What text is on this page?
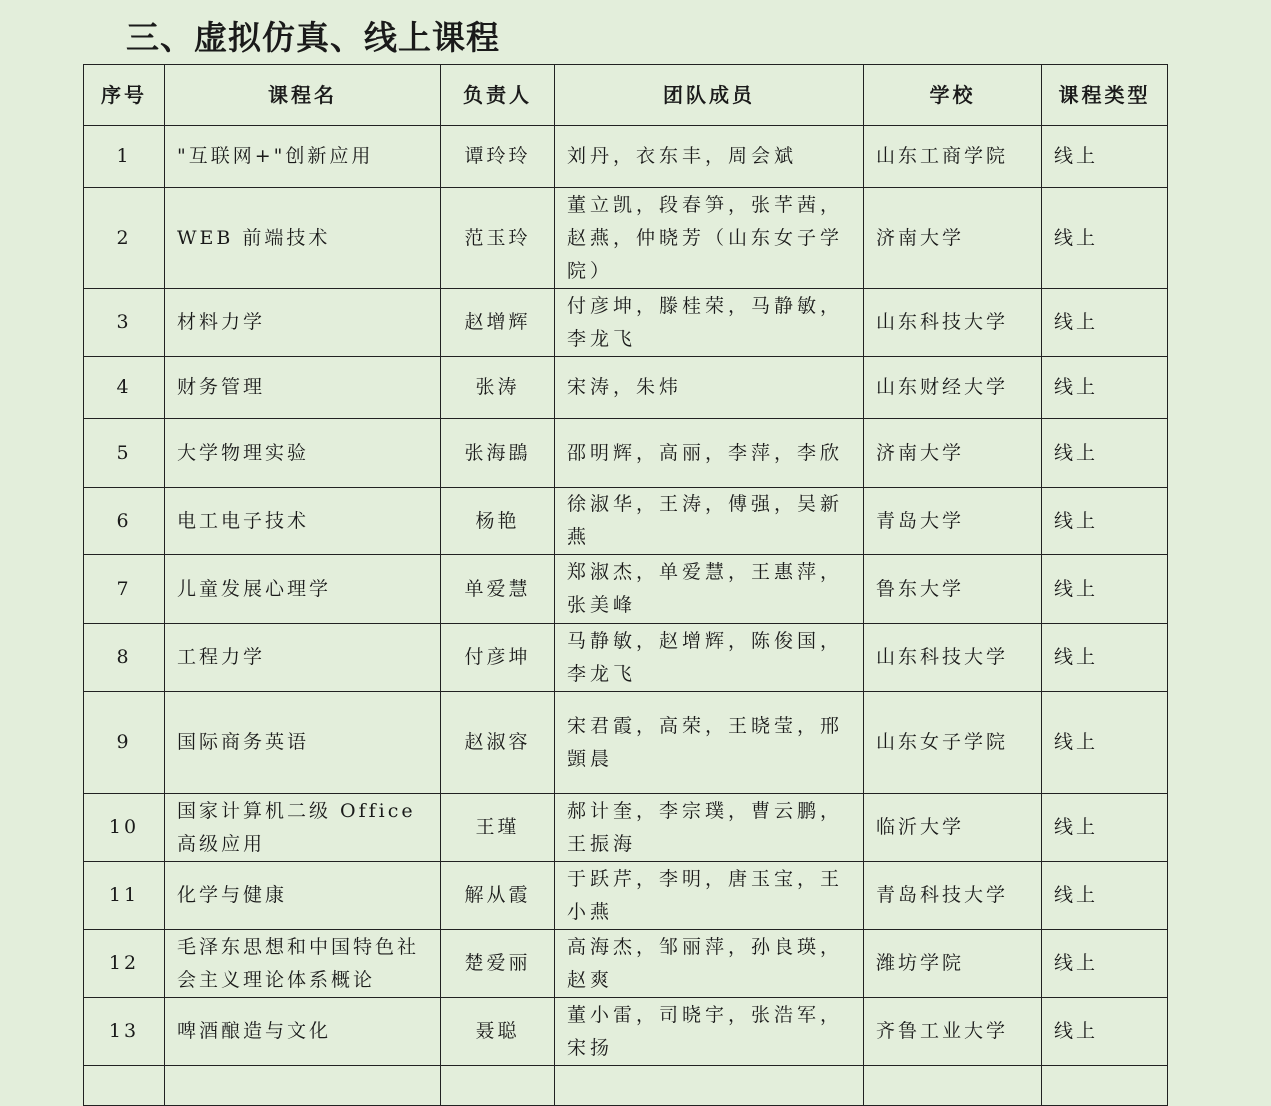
三、虚拟仿真、线上课程
序号	课程名	负责人	团队成员	学校	课程类型
1	"互联网+"创新应用	谭玲玲	刘丹，衣东丰，周会斌	山东工商学院	线上
2	WEB 前端技术	范玉玲	董立凯，段春笋，张芊茜，赵燕，仲晓芳（山东女子学院）	济南大学	线上
3	材料力学	赵增辉	付彦坤，滕桂荣，马静敏，李龙飞	山东科技大学	线上
4	财务管理	张涛	宋涛，朱炜	山东财经大学	线上
5	大学物理实验	张海鵾	邵明辉，高丽，李萍，李欣	济南大学	线上
6	电工电子技术	杨艳	徐淑华，王涛，傅强，吴新燕	青岛大学	线上
7	儿童发展心理学	单爱慧	郑淑杰，单爱慧，王惠萍，张美峰	鲁东大学	线上
8	工程力学	付彦坤	马静敏，赵增辉，陈俊国，李龙飞	山东科技大学	线上
9	国际商务英语	赵淑容	宋君霞，高荣，王晓莹，邢顗晨	山东女子学院	线上
10	国家计算机二级 Office 高级应用	王瑾	郝计奎，李宗璞，曹云鹏，王振海	临沂大学	线上
11	化学与健康	解从霞	于跃芹，李明，唐玉宝，王小燕	青岛科技大学	线上
12	毛泽东思想和中国特色社会主义理论体系概论	楚爱丽	高海杰，邹丽萍，孙良瑛，赵爽	潍坊学院	线上
13	啤酒酿造与文化	聂聪	董小雷，司晓宇，张浩军，宋扬	齐鲁工业大学	线上
